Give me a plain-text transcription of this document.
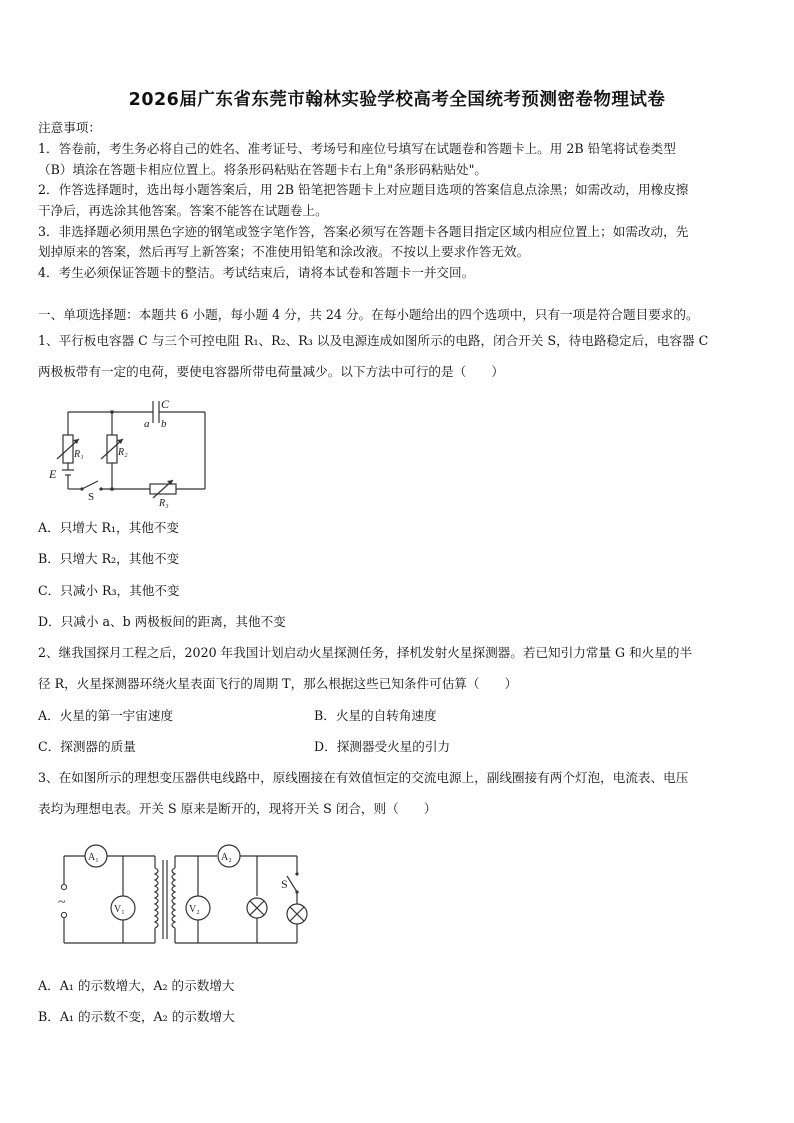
2026届广东省东莞市翰林实验学校高考全国统考预测密卷物理试卷
注意事项：
1．答卷前，考生务必将自己的姓名、准考证号、考场号和座位号填写在试题卷和答题卡上。用 2B 铅笔将试卷类型
（B）填涂在答题卡相应位置上。将条形码粘贴在答题卡右上角"条形码粘贴处"。
2．作答选择题时，选出每小题答案后，用 2B 铅笔把答题卡上对应题目选项的答案信息点涂黑；如需改动，用橡皮擦
干净后，再选涂其他答案。答案不能答在试题卷上。
3．非选择题必须用黑色字迹的钢笔或签字笔作答，答案必须写在答题卡各题目指定区域内相应位置上；如需改动，先
划掉原来的答案，然后再写上新答案；不准使用铅笔和涂改液。不按以上要求作答无效。
4．考生必须保证答题卡的整洁。考试结束后，请将本试卷和答题卡一并交回。
一、单项选择题：本题共 6 小题，每小题 4 分，共 24 分。在每小题给出的四个选项中，只有一项是符合题目要求的。
1、平行板电容器 C 与三个可控电阻 R₁、R₂、R₃ 以及电源连成如图所示的电路，闭合开关 S，待电路稳定后，电容器 C
两极板带有一定的电荷，要使电容器所带电荷量减少。以下方法中可行的是（　　）
C
a b
R₁	R₂
R₃
E
S
A．只增大 R₁，其他不变
B．只增大 R₂，其他不变
C．只减小 R₃，其他不变
D．只减小 a、b 两极板间的距离，其他不变
2、继我国探月工程之后，2020 年我国计划启动火星探测任务，择机发射火星探测器。若已知引力常量 G 和火星的半
径 R，火星探测器环绕火星表面飞行的周期 T，那么根据这些已知条件可估算（　　）
A．火星的第一宇宙速度	B．火星的自转角速度
C．探测器的质量	D．探测器受火星的引力
3、在如图所示的理想变压器供电线路中，原线圈接在有效值恒定的交流电源上，副线圈接有两个灯泡，电流表、电压
表均为理想电表。开关 S 原来是断开的，现将开关 S 闭合，则（　　）
~
A₁
V₁
A₂
V₂
S
A．A₁ 的示数增大，A₂ 的示数增大
B．A₁ 的示数不变，A₂ 的示数增大
